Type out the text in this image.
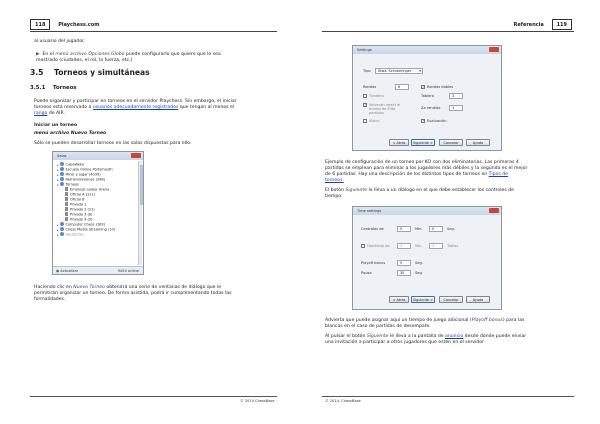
118	Playchess.com
al usuario del jugador.
▶ En el menú archivo Opciones Globo puede configurarlo que quiere que le sea
mostrado (ciudades, el rol, la fuerza, etc.)
3.5 Torneos y simultáneas
3.5.1 Torneos
Puede organizar y participar en torneos en el servidor Playchess. Sin embargo, el iniciar
torneos está reservado a usuarios adecuadamente registrados que tengan al menos el
rango de AIR.
Iniciar un torneo
menú archivo Nuevo Torneo
Sólo se pueden desarrollar torneos en las salas dispuestas para ello.
Salas
▸ CapaWeka
▸ Escuela Online Portsmouth
▸ Mirar y jugar (4039)
▸ Retransmisiones (398)
▾ Torneos
Emanuel Lasker Arena
Oficial A (111)
Oficial B
Privado 1
Privado 2 (21)
Privado 3 (8)
Privado 4 (9)
▸ Computer Chess (183)
▸ Chess Media Streaming (10)
▸ Deutscher...
● Actualizar	9450 online
Haciendo clic en Nuevo Torneo obtendrá una serie de ventanas de diálogo que le
permitirán organizar un torneo. De forma asistida, podrá ir cumplimentando todas las
formalidades.
© 2014 ChessBase
Referencia	119
Settings
Tipo	Ktwa. Schneeringer ▾
Rondas	6	✓ Rondas dobles
Tiradero	Tablero	3
✓ Volverán reject el torneo de Elite partidas
Za rendida	3
Vision	✓ Evaluación
< Atrás	Siguiente >	Cancelar	Ayuda
Ejemplo de configuración de un torneo por KO con dos eliminatorias. Las primeras 4
partidas se emplean para eliminar a los jugadores más débiles y la segunda es el mejor
de 6 partidas. Hay una descripción de los distintos tipos de torneos en Tipos de
torneos.
El botón Siguiente le lleva a un diálogo en el que debe establecer los controles de
tiempo:
Time settings
Controles de	5	Min.	0	Seg.
Handicap de	1	Min.	1	Tablas
Playoff bonus	5	Seg.
Pausa	30	Seg.
< Atrás	Siguiente >	Cancelar	Ayuda
Advierta que puede asignar aquí un tiempo de juego adicional (Playoff bonus) para las
blancas en el caso de partidas de desempate.
Al pulsar el botón Siguiente le lleva a la pantalla de anuncio desde donde puede enviar
una invitación a participar a otros jugadores que estén en el servidor
© 2014, ChessBase
